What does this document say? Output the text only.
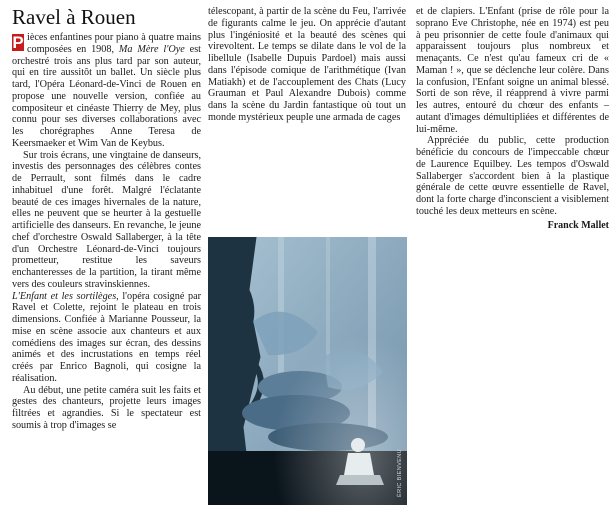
Ravel à Rouen

P ièces enfantines pour piano à quatre mains composées en 1908, Ma Mère l'Oye est orchestré trois ans plus tard par son auteur, qui en tire aussitôt un ballet. Un siècle plus tard, l'Opéra Léonard-de-Vinci de Rouen en propose une nouvelle version, confiée au compositeur et cinéaste Thierry de Mey, plus connu pour ses diverses collaborations avec les chorégraphes Anne Teresa de Keersmaeker et Wim Van de Keybus.

Sur trois écrans, une vingtaine de danseurs, investis des personnages des célèbres contes de Perrault, sont filmés dans le cadre inhabituel d'une forêt. Malgré l'éclatante beauté de ces images hivernales de la nature, elles ne peuvent que se heurter à la gestuelle artificielle des danseurs. En revanche, le jeune chef d'orchestre Oswald Sallaberger, à la tête d'un Orchestre Léonard-de-Vinci toujours prometteur, restitue les saveurs enchanteresses de la partition, la tirant même vers des couleurs stravinskiennes.

L'Enfant et les sortilèges, l'opéra cosigné par Ravel et Colette, rejoint le plateau en trois dimensions. Confiée à Marianne Pousseur, la mise en scène associe aux chanteurs et aux comédiens des images sur écran, des dessins animés et des incrustations en temps réel créés par Enrico Bagnoli, qui cosigne la réalisation.

Au début, une petite caméra suit les faits et gestes des chanteurs, projette leurs images filtrées et agrandies. Si le spectateur est soumis à trop d'images se

télescopant, à partir de la scène du Feu, l'arrivée de figurants calme le jeu. On apprécie d'autant plus l'ingéniosité et la beauté des scènes qui virevoltent. Le temps se dilate dans le vol de la libellule (Isabelle Dupuis Pardoel) mais aussi dans l'épisode comique de l'arithmétique (Ivan Matiakh) et de l'accouplement des Chats (Lucy Grauman et Paul Alexandre Dubois) comme dans la scène du Jardin fantastique où tout un monde mystérieux peuple une armada de cages

ÉRIC BIENVENU

et de clapiers. L'Enfant (prise de rôle pour la soprano Eve Christophe, née en 1974) est peu à peu prisonnier de cette foule d'animaux qui apparaissent toujours plus nombreux et menaçants. Ce n'est qu'au fameux cri de « Maman ! », que se déclenche leur colère. Dans la confusion, l'Enfant soigne un animal blessé. Sorti de son rêve, il réapprend à vivre parmi les autres, entouré du chœur des enfants – autant d'images démultipliées et différentes de lui-même.

Appréciée du public, cette production bénéficie du concours de l'impeccable chœur de Laurence Equilbey. Les tempos d'Oswald Sallaberger s'accordent bien à la plastique générale de cette œuvre essentielle de Ravel, dont la forte charge d'inconscient a visiblement touché les deux metteurs en scène.

Franck Mallet
